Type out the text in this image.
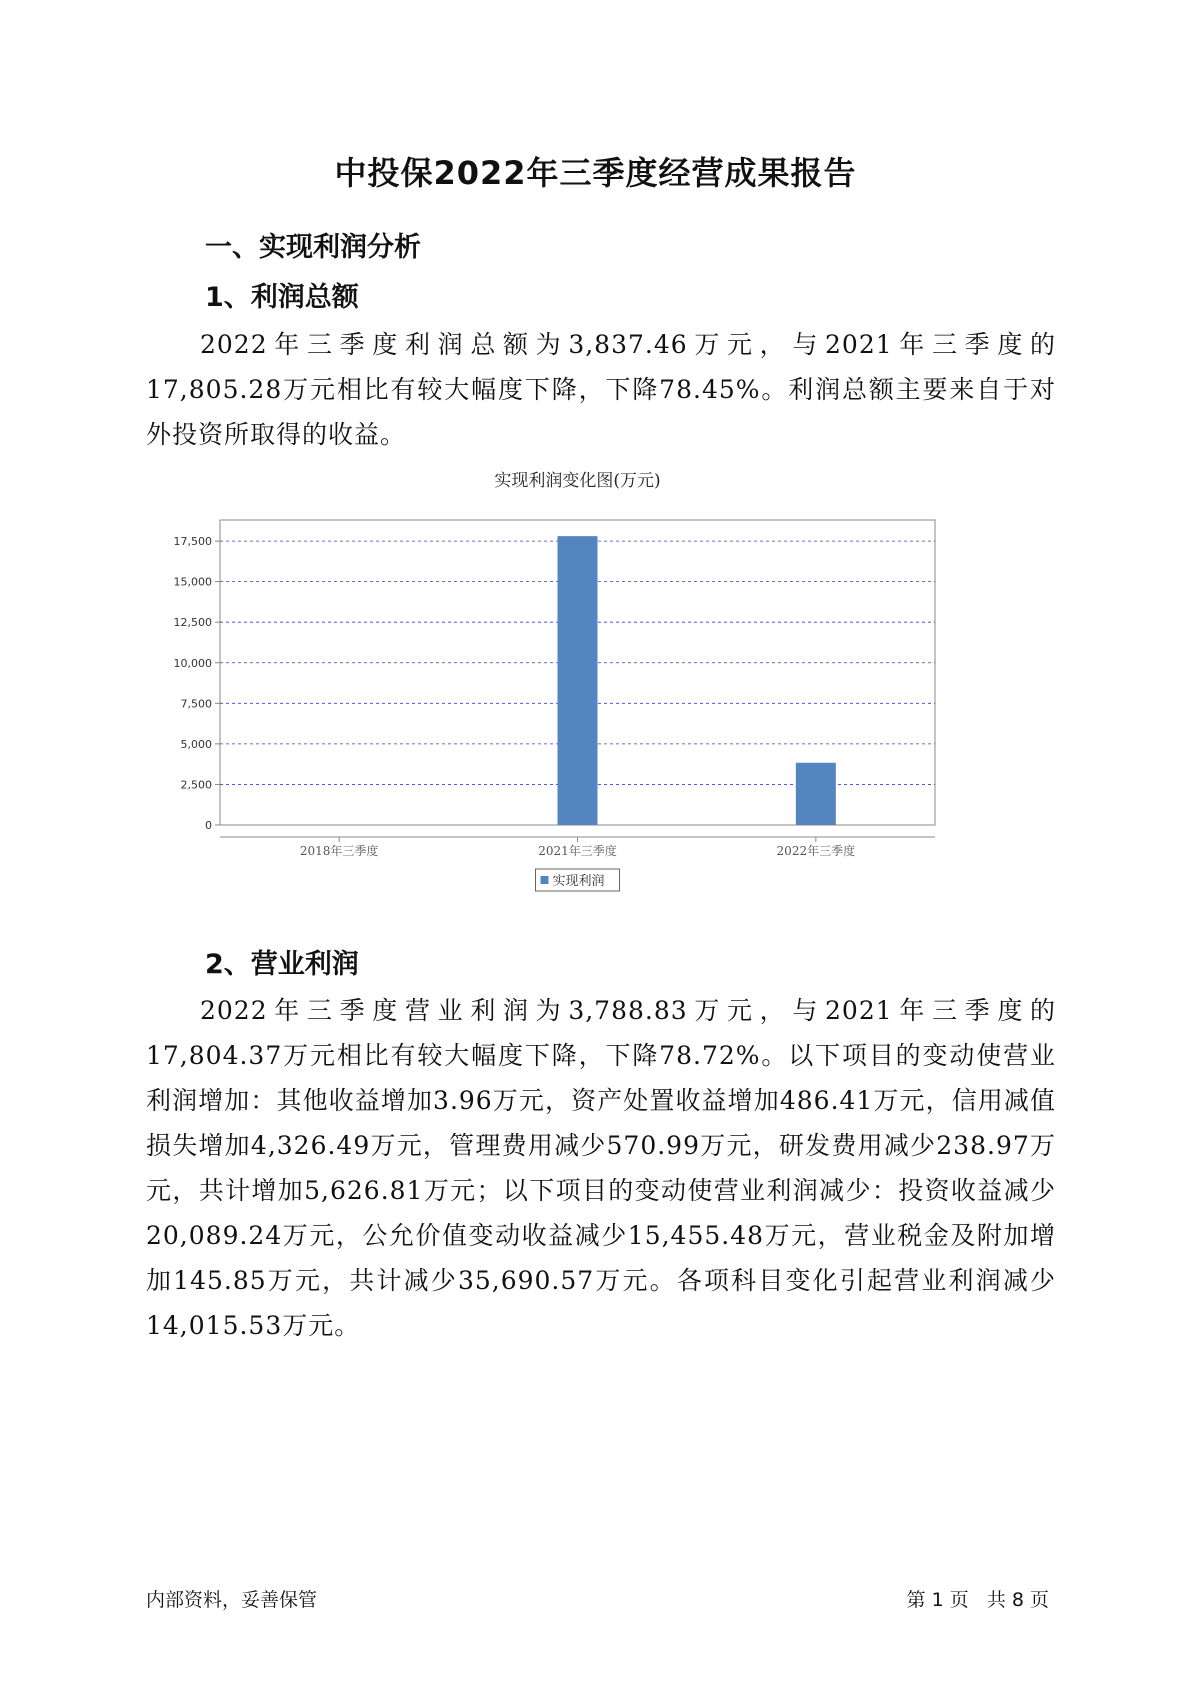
中投保2022年三季度经营成果报告
一、实现利润分析
1、利润总额

2022年三季度利润总额为3,837.46万元，与2021年三季度的17,805.28万元相比有较大幅度下降，下降78.45%。利润总额主要来自于对外投资所取得的收益。

实现利润变化图(万元)
0
2,500
5,000
7,500
10,000
12,500
15,000
17,500
2018年三季度	2021年三季度	2022年三季度
实现利润
2、营业利润

2022年三季度营业利润为3,788.83万元，与2021年三季度的17,804.37万元相比有较大幅度下降，下降78.72%。以下项目的变动使营业利润增加：其他收益增加3.96万元，资产处置收益增加486.41万元，信用减值损失增加4,326.49万元，管理费用减少570.99万元，研发费用减少238.97万元，共计增加5,626.81万元；以下项目的变动使营业利润减少：投资收益减少20,089.24万元，公允价值变动收益减少15,455.48万元，营业税金及附加增加145.85万元，共计减少35,690.57万元。各项科目变化引起营业利润减少14,015.53万元。

内部资料，妥善保管	第 1 页   共 8 页
